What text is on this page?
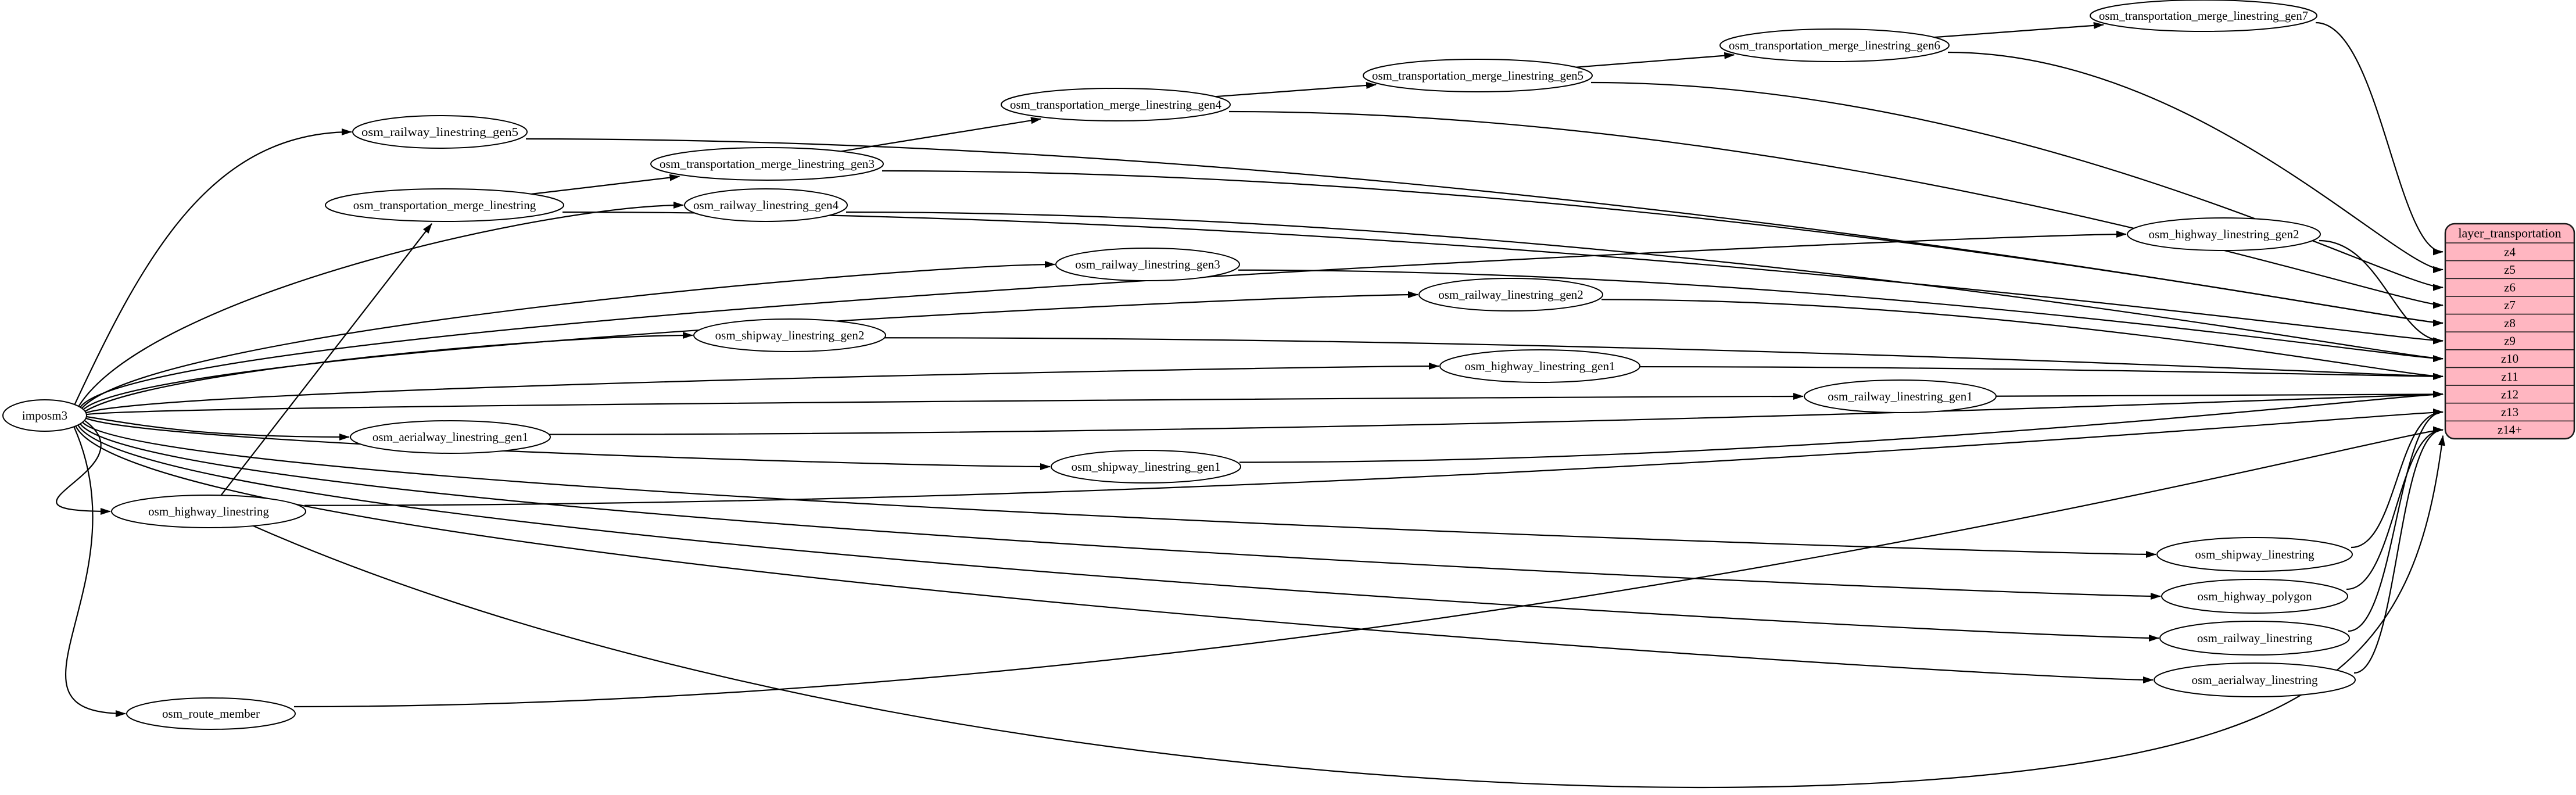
imposm3
osm_railway_linestring_gen5
osm_transportation_merge_linestring_gen3
osm_railway_linestring_gen4
osm_transportation_merge_linestring
osm_transportation_merge_linestring_gen4
osm_transportation_merge_linestring_gen5
osm_transportation_merge_linestring_gen6
osm_transportation_merge_linestring_gen7
osm_highway_linestring_gen2
osm_railway_linestring_gen3
osm_railway_linestring_gen2
osm_shipway_linestring_gen2
osm_highway_linestring_gen1
osm_railway_linestring_gen1
osm_aerialway_linestring_gen1
osm_shipway_linestring_gen1
osm_highway_linestring
osm_shipway_linestring
osm_highway_polygon
osm_railway_linestring
osm_aerialway_linestring
osm_route_member
layer_transportation
z4
z5
z6
z7
z8
z9
z10
z11
z12
z13
z14+
